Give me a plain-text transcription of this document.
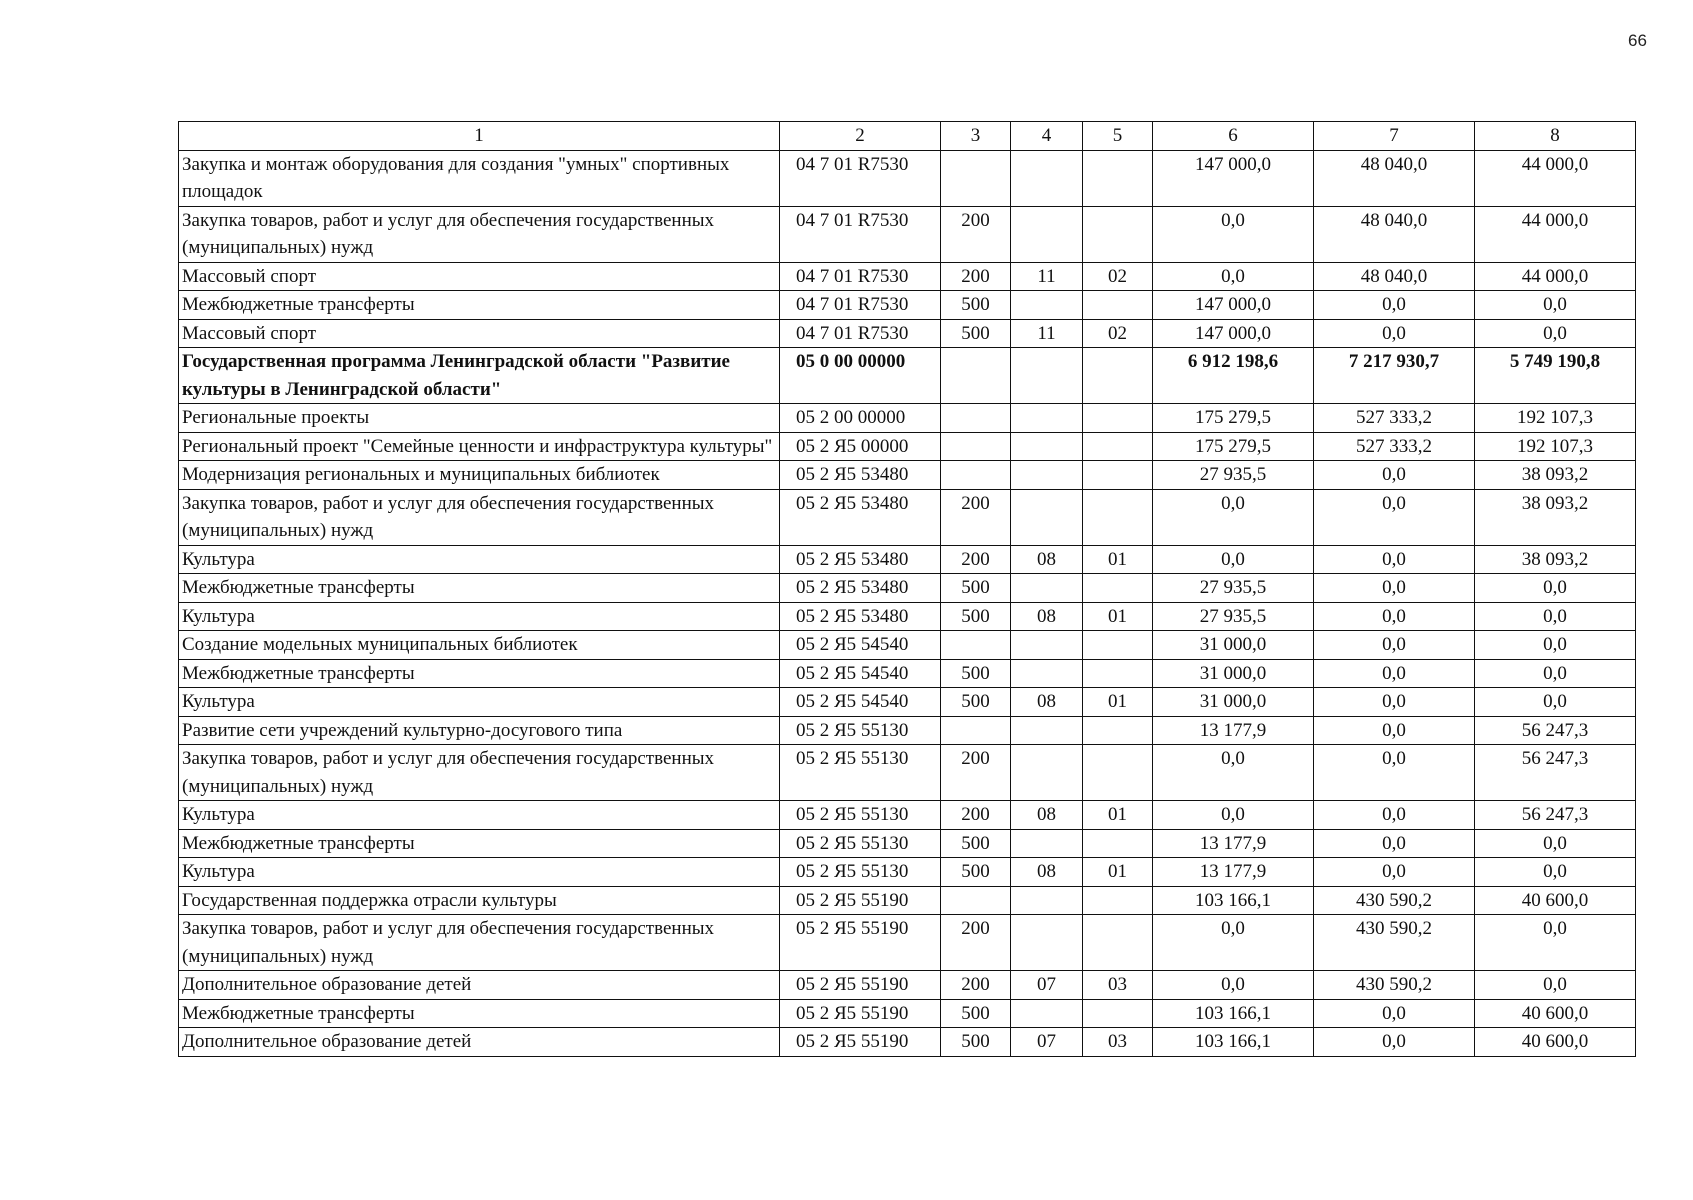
66
1	2	3	4	5	6	7	8
Закупка и монтаж оборудования для создания "умных" спортивных площадок	04 7 01 R7530				147 000,0	48 040,0	44 000,0
Закупка товаров, работ и услуг для обеспечения государственных (муниципальных) нужд	04 7 01 R7530	200			0,0	48 040,0	44 000,0
Массовый спорт	04 7 01 R7530	200	11	02	0,0	48 040,0	44 000,0
Межбюджетные трансферты	04 7 01 R7530	500			147 000,0	0,0	0,0
Массовый спорт	04 7 01 R7530	500	11	02	147 000,0	0,0	0,0
Государственная программа Ленинградской области "Развитие культуры в Ленинградской области"	05 0 00 00000				6 912 198,6	7 217 930,7	5 749 190,8
Региональные проекты	05 2 00 00000				175 279,5	527 333,2	192 107,3
Региональный проект "Семейные ценности и инфраструктура культуры"	05 2 Я5 00000				175 279,5	527 333,2	192 107,3
Модернизация региональных и муниципальных библиотек	05 2 Я5 53480				27 935,5	0,0	38 093,2
Закупка товаров, работ и услуг для обеспечения государственных (муниципальных) нужд	05 2 Я5 53480	200			0,0	0,0	38 093,2
Культура	05 2 Я5 53480	200	08	01	0,0	0,0	38 093,2
Межбюджетные трансферты	05 2 Я5 53480	500			27 935,5	0,0	0,0
Культура	05 2 Я5 53480	500	08	01	27 935,5	0,0	0,0
Создание модельных муниципальных библиотек	05 2 Я5 54540				31 000,0	0,0	0,0
Межбюджетные трансферты	05 2 Я5 54540	500			31 000,0	0,0	0,0
Культура	05 2 Я5 54540	500	08	01	31 000,0	0,0	0,0
Развитие сети учреждений культурно-досугового типа	05 2 Я5 55130				13 177,9	0,0	56 247,3
Закупка товаров, работ и услуг для обеспечения государственных (муниципальных) нужд	05 2 Я5 55130	200			0,0	0,0	56 247,3
Культура	05 2 Я5 55130	200	08	01	0,0	0,0	56 247,3
Межбюджетные трансферты	05 2 Я5 55130	500			13 177,9	0,0	0,0
Культура	05 2 Я5 55130	500	08	01	13 177,9	0,0	0,0
Государственная поддержка отрасли культуры	05 2 Я5 55190				103 166,1	430 590,2	40 600,0
Закупка товаров, работ и услуг для обеспечения государственных (муниципальных) нужд	05 2 Я5 55190	200			0,0	430 590,2	0,0
Дополнительное образование детей	05 2 Я5 55190	200	07	03	0,0	430 590,2	0,0
Межбюджетные трансферты	05 2 Я5 55190	500			103 166,1	0,0	40 600,0
Дополнительное образование детей	05 2 Я5 55190	500	07	03	103 166,1	0,0	40 600,0
